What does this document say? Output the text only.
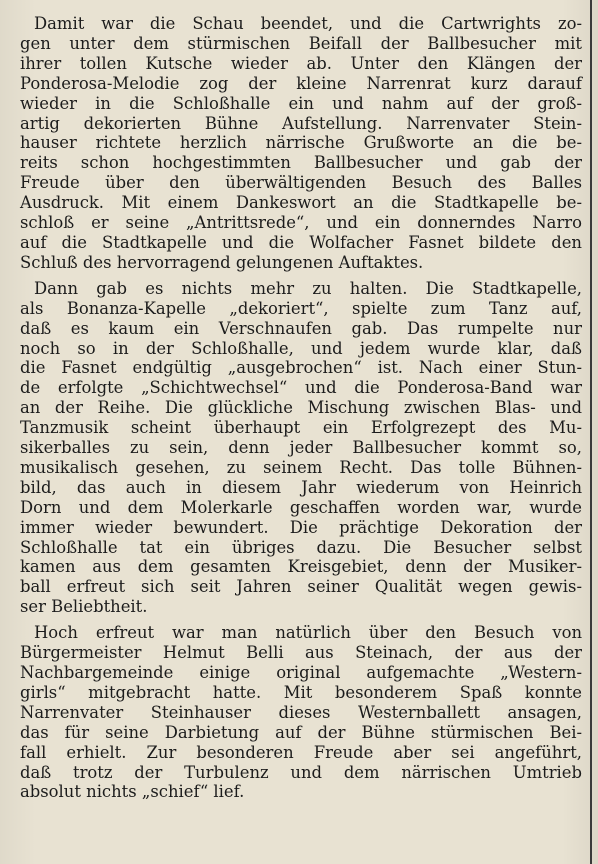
Damit war die Schau beendet, und die Cartwrights zo-
gen unter dem stürmischen Beifall der Ballbesucher mit
ihrer tollen Kutsche wieder ab. Unter den Klängen der
Ponderosa-Melodie zog der kleine Narrenrat kurz darauf
wieder in die Schloßhalle ein und nahm auf der groß-
artig dekorierten Bühne Aufstellung. Narrenvater Stein-
hauser richtete herzlich närrische Grußworte an die be-
reits schon hochgestimmten Ballbesucher und gab der
Freude über den überwältigenden Besuch des Balles
Ausdruck. Mit einem Dankeswort an die Stadtkapelle be-
schloß er seine „Antrittsrede“, und ein donnerndes Narro
auf die Stadtkapelle und die Wolfacher Fasnet bildete den
Schluß des hervorragend gelungenen Auftaktes.
Dann gab es nichts mehr zu halten. Die Stadtkapelle,
als Bonanza-Kapelle „dekoriert“, spielte zum Tanz auf,
daß es kaum ein Verschnaufen gab. Das rumpelte nur
noch so in der Schloßhalle, und jedem wurde klar, daß
die Fasnet endgültig „ausgebrochen“ ist. Nach einer Stun-
de erfolgte „Schichtwechsel“ und die Ponderosa-Band war
an der Reihe. Die glückliche Mischung zwischen Blas- und
Tanzmusik scheint überhaupt ein Erfolgrezept des Mu-
sikerballes zu sein, denn jeder Ballbesucher kommt so,
musikalisch gesehen, zu seinem Recht. Das tolle Bühnen-
bild, das auch in diesem Jahr wiederum von Heinrich
Dorn und dem Molerkarle geschaffen worden war, wurde
immer wieder bewundert. Die prächtige Dekoration der
Schloßhalle tat ein übriges dazu. Die Besucher selbst
kamen aus dem gesamten Kreisgebiet, denn der Musiker-
ball erfreut sich seit Jahren seiner Qualität wegen gewis-
ser Beliebtheit.
Hoch erfreut war man natürlich über den Besuch von
Bürgermeister Helmut Belli aus Steinach, der aus der
Nachbargemeinde einige original aufgemachte „Western-
girls“ mitgebracht hatte. Mit besonderem Spaß konnte
Narrenvater Steinhauser dieses Westernballett ansagen,
das für seine Darbietung auf der Bühne stürmischen Bei-
fall erhielt. Zur besonderen Freude aber sei angeführt,
daß trotz der Turbulenz und dem närrischen Umtrieb
absolut nichts „schief“ lief.
